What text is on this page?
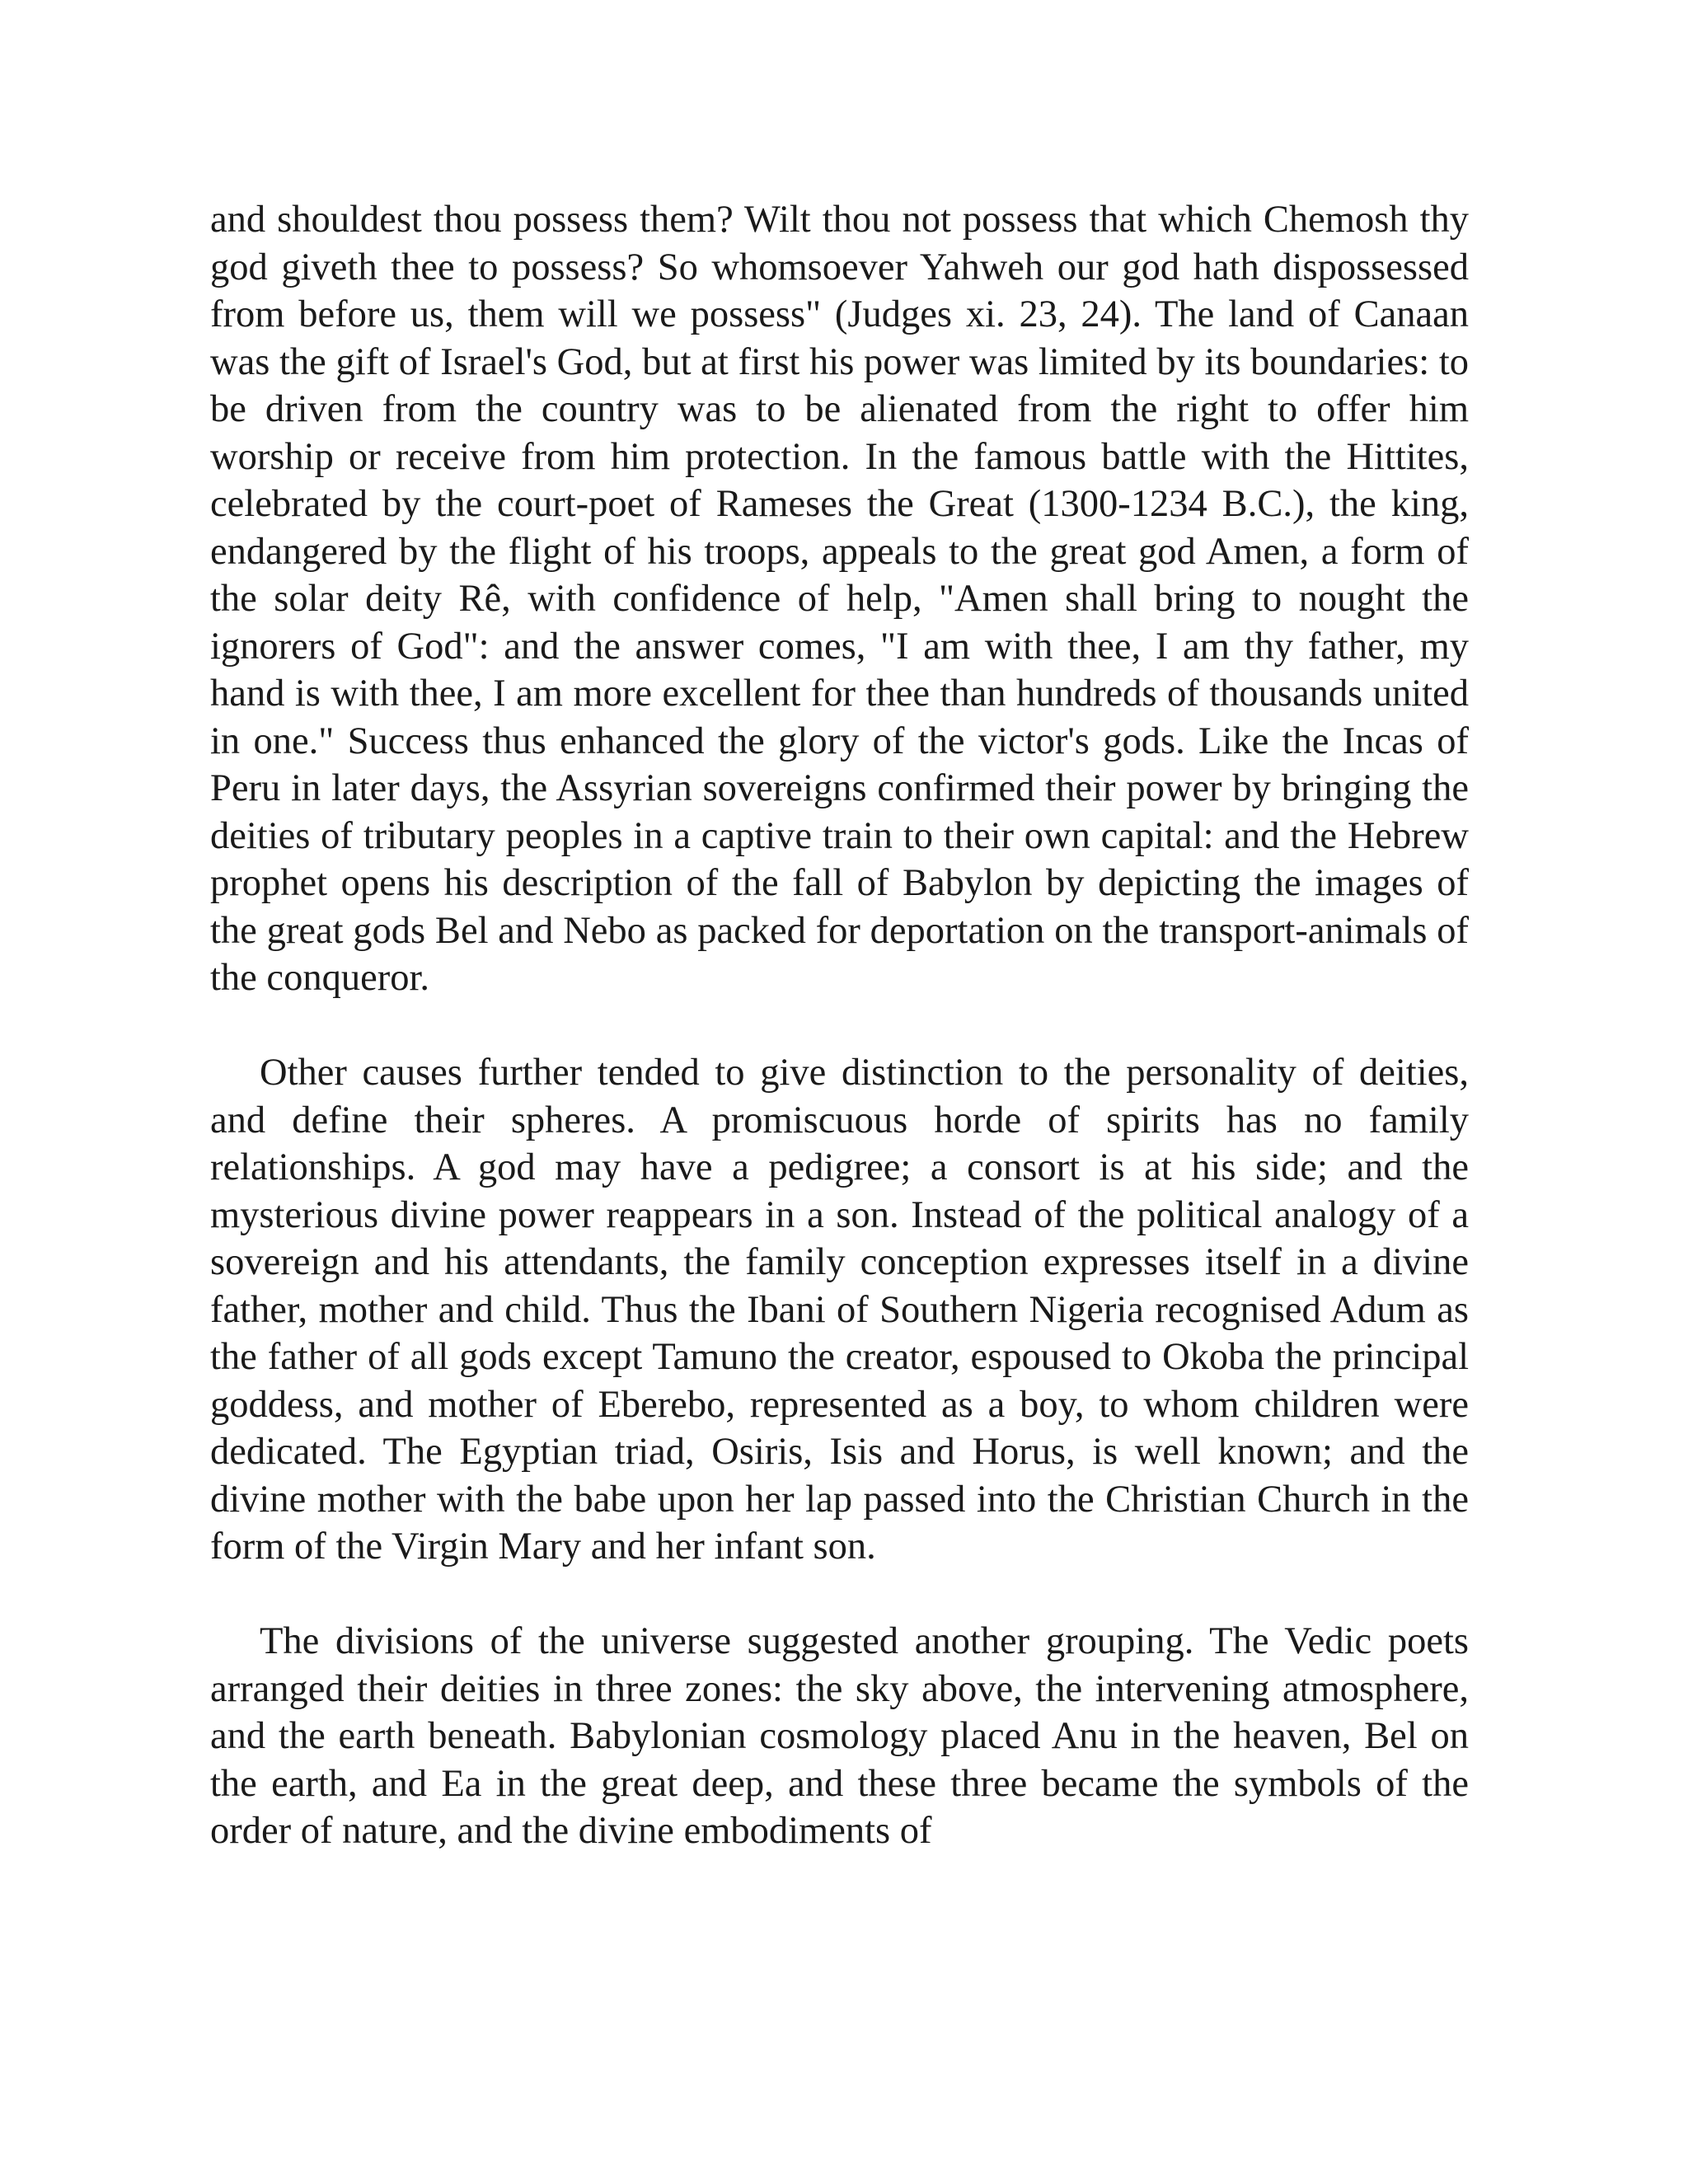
and shouldest thou possess them? Wilt thou not possess that which Chemosh thy god giveth thee to possess? So whomsoever Yahweh our god hath dispossessed from before us, them will we possess" (Judges xi. 23, 24). The land of Canaan was the gift of Israel's God, but at first his power was limited by its boundaries: to be driven from the country was to be alienated from the right to offer him worship or receive from him protection. In the famous battle with the Hittites, celebrated by the court-poet of Rameses the Great (1300-1234 B.C.), the king, endangered by the flight of his troops, appeals to the great god Amen, a form of the solar deity Rê, with confidence of help, "Amen shall bring to nought the ignorers of God": and the answer comes, "I am with thee, I am thy father, my hand is with thee, I am more excellent for thee than hundreds of thousands united in one." Success thus enhanced the glory of the victor's gods. Like the Incas of Peru in later days, the Assyrian sovereigns confirmed their power by bringing the deities of tributary peoples in a captive train to their own capital: and the Hebrew prophet opens his description of the fall of Babylon by depicting the images of the great gods Bel and Nebo as packed for deportation on the transport-animals of the conqueror.

Other causes further tended to give distinction to the personality of deities, and define their spheres. A promiscuous horde of spirits has no family relationships. A god may have a pedigree; a consort is at his side; and the mysterious divine power reappears in a son. Instead of the political analogy of a sovereign and his attendants, the family conception expresses itself in a divine father, mother and child. Thus the Ibani of Southern Nigeria recognised Adum as the father of all gods except Tamuno the creator, espoused to Okoba the principal goddess, and mother of Eberebo, represented as a boy, to whom children were dedicated. The Egyptian triad, Osiris, Isis and Horus, is well known; and the divine mother with the babe upon her lap passed into the Christian Church in the form of the Virgin Mary and her infant son.

The divisions of the universe suggested another grouping. The Vedic poets arranged their deities in three zones: the sky above, the intervening atmosphere, and the earth beneath. Babylonian cosmology placed Anu in the heaven, Bel on the earth, and Ea in the great deep, and these three became the symbols of the order of nature, and the divine embodiments of
